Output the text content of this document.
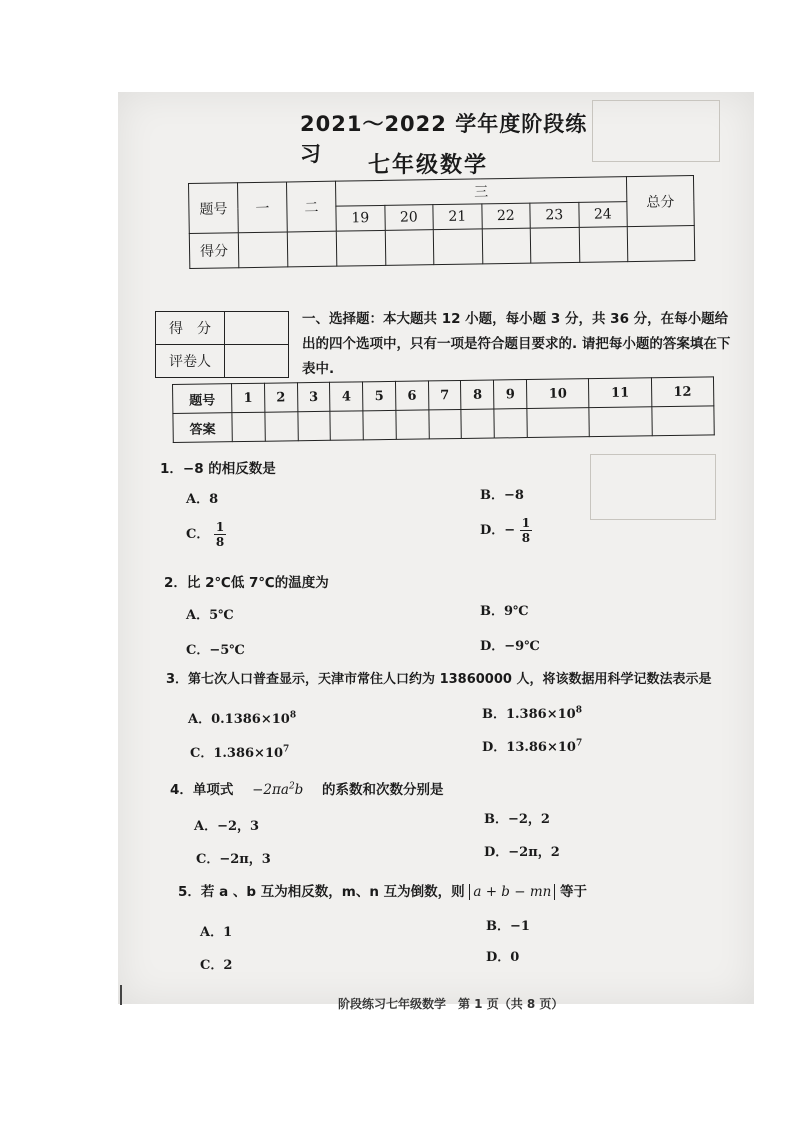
2021～2022 学年度阶段练习	七年级数学
题号	一	二	三						总分
			19	20	21	22	23	24	
得分									
得　分	
评卷人	
一、选择题：本大题共 12 小题，每小题 3 分，共 36 分，在每小题给出的四个选项中，只有一项是符合题目要求的. 请把每小题的答案填在下表中.
题号	1	2	3	4	5	6	7	8	9	10	11	12
答案												
1．−8 的相反数是
A．8	B．−8
C． $\frac{1}{8}$	D．− $\frac{1}{8}$
2．比 2℃低 7℃的温度为
A．5℃	B．9℃
C．−5℃	D．−9℃
3．第七次人口普查显示，天津市常住人口约为 13860000 人，将该数据用科学记数法表示是
A．$0.1386\times 10^8$	B．$1.386\times 10^8$
C．$1.386\times 10^7$	D．$13.86\times 10^7$
4．单项式 $-2\pi a^2b$ 的系数和次数分别是
A．−2，3	B．−2，2
C．−2π，3	D．−2π，2
5．若 a 、b 互为相反数，m、n 互为倒数，则 a + b − mn 等于
A．1	B．−1
C．2
D．0
阶段练习七年级数学　第 1 页（共 8 页）
